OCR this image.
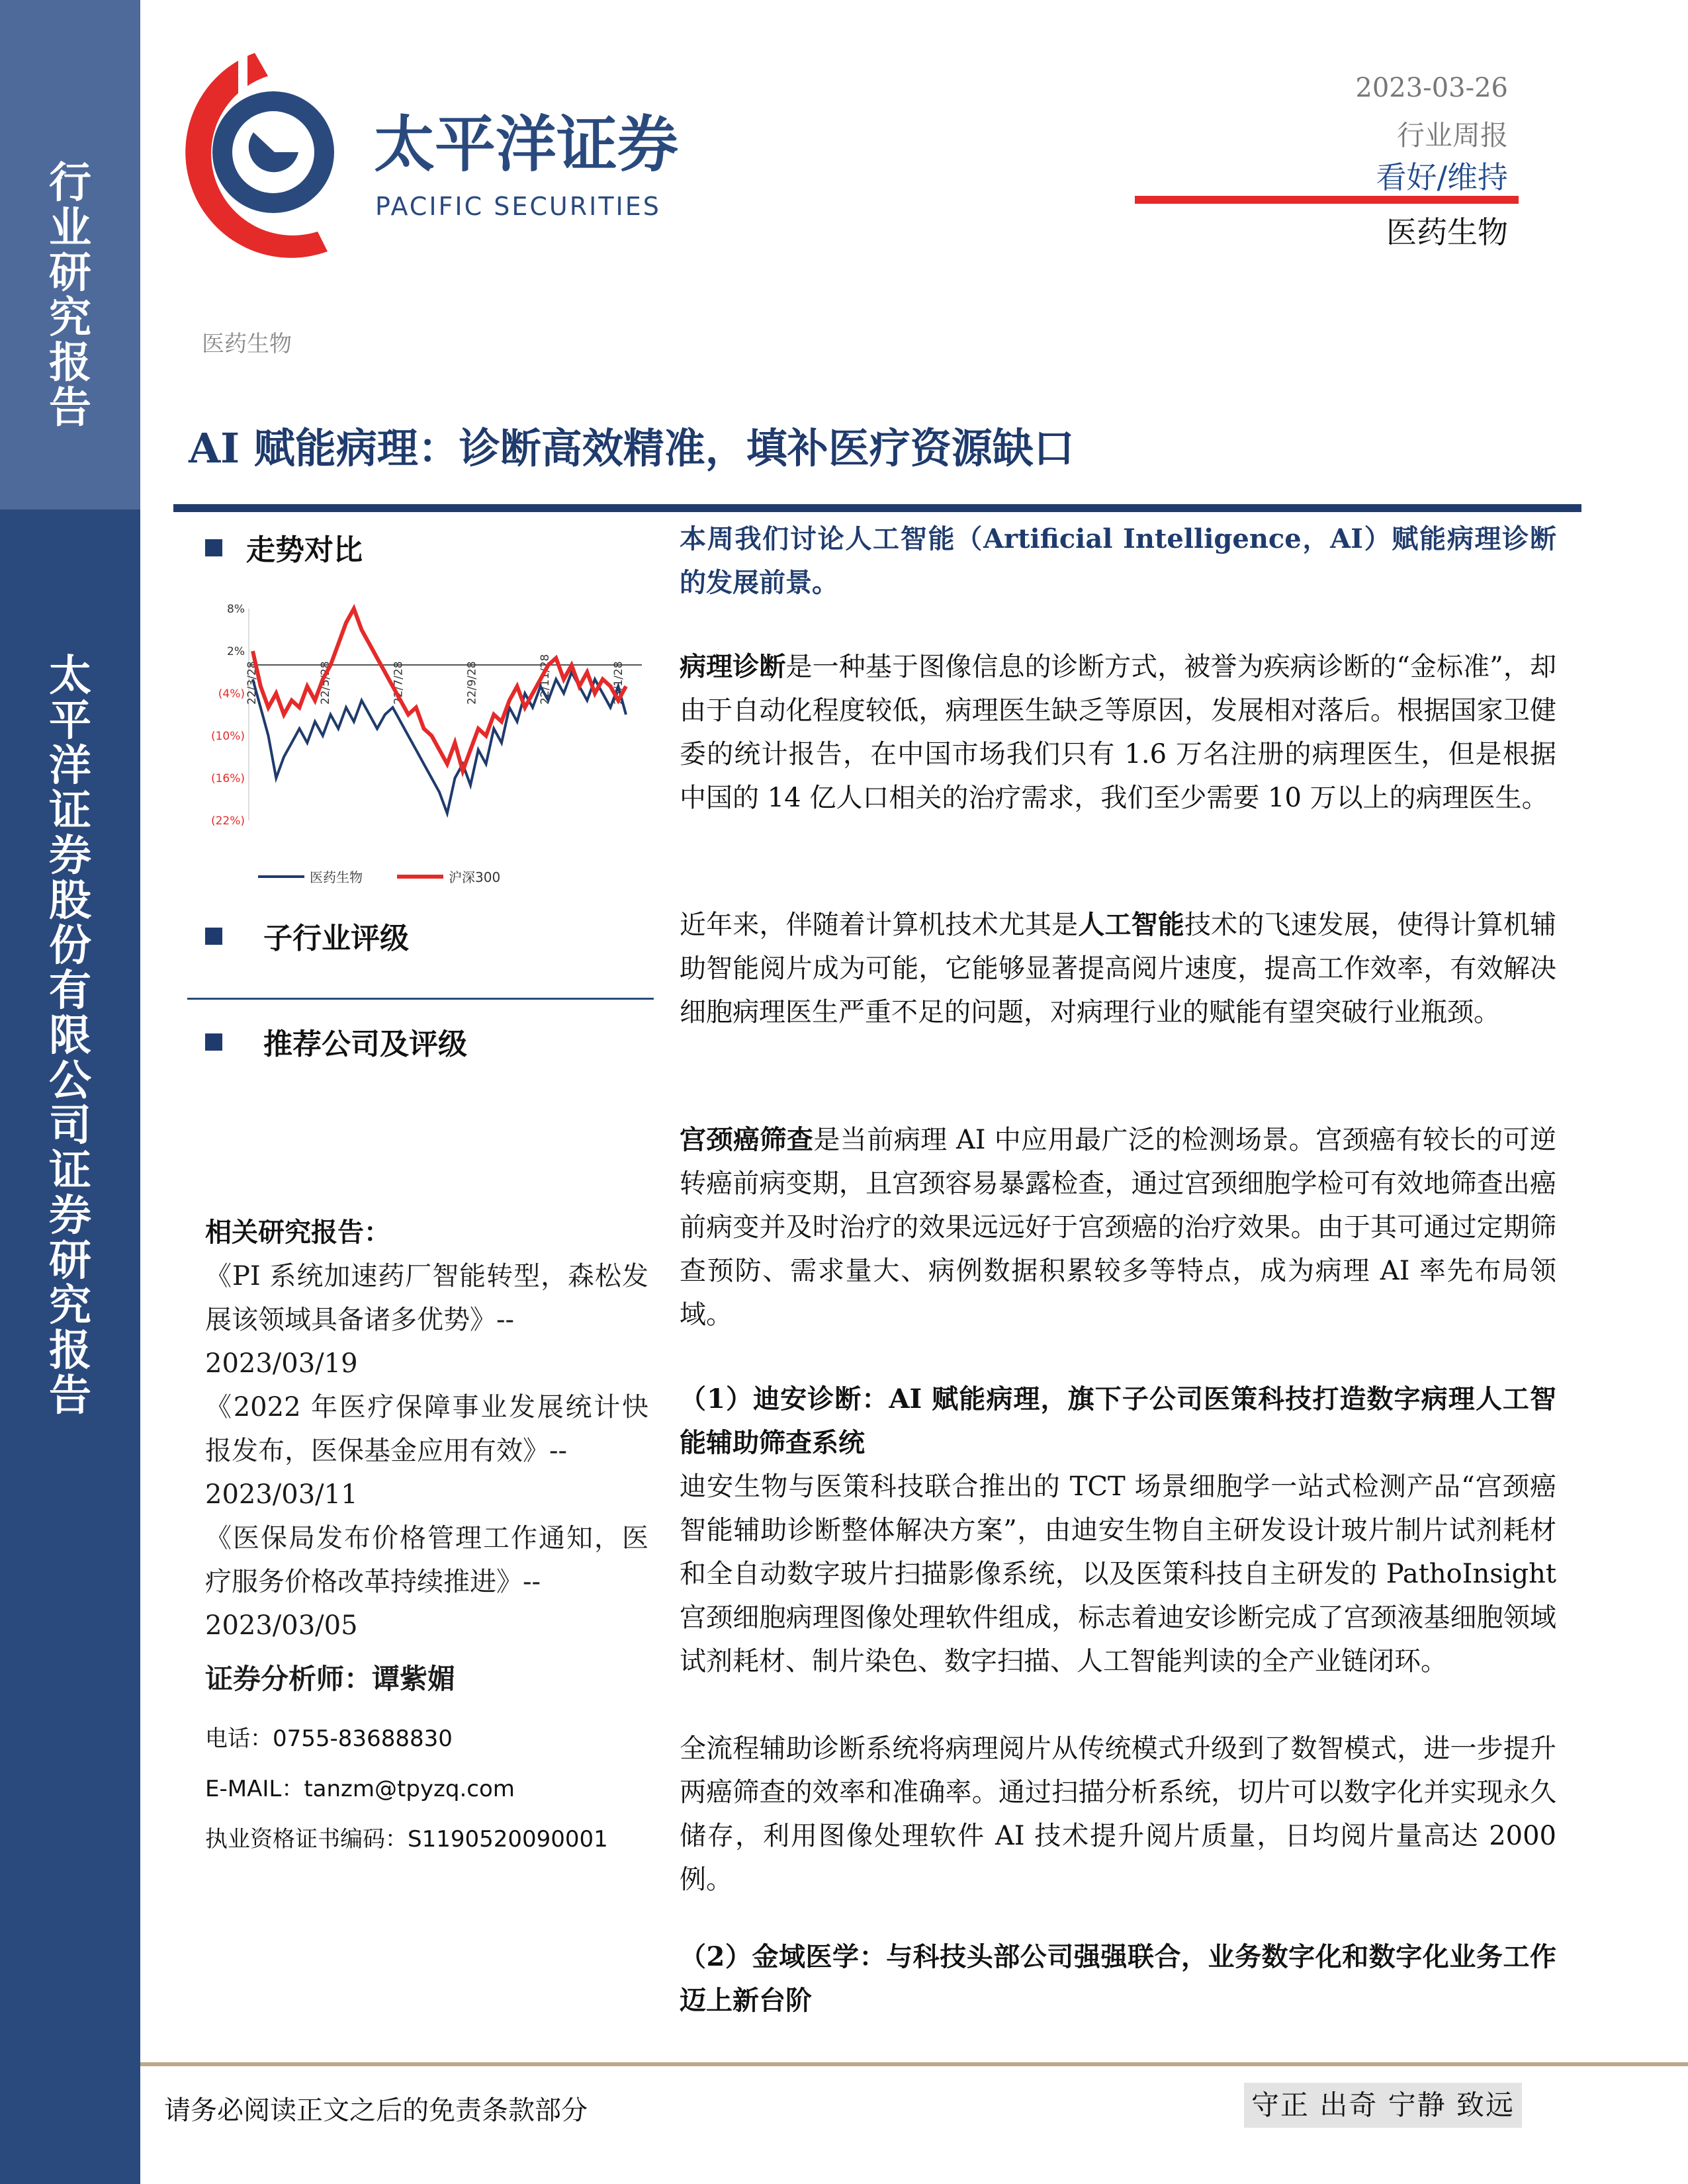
行
业
研
究
报
告
太
平
洋
证
券
股
份
有
限
公
司
证
券
研
究
报
告
太平洋证券
PACIFIC SECURITIES
2023-03-26
行业周报
看好/维持
医药生物
医药生物
AI 赋能病理：诊断高效精准，填补医疗资源缺口
走势对比
8%
2%
(4%)
(10%)
(16%)
(22%)
22/3/28	22/5/28	22/7/28	22/9/28	22/11/28	23/1/28
医药生物	沪深300
子行业评级
推荐公司及评级
相关研究报告：
《PI 系统加速药厂智能转型，森松发展该领域具备诸多优势》--
2023/03/19
《2022 年医疗保障事业发展统计快报发布，医保基金应用有效》--
2023/03/11
《医保局发布价格管理工作通知，医疗服务价格改革持续推进》--
2023/03/05
证券分析师：谭紫媚
电话：0755-83688830
E-MAIL：tanzm@tpyzq.com
执业资格证书编码：S1190520090001
本周我们讨论人工智能（Artificial Intelligence，AI）赋能病理诊断的发展前景。
病理诊断是一种基于图像信息的诊断方式，被誉为疾病诊断的“金标准”，却由于自动化程度较低，病理医生缺乏等原因，发展相对落后。根据国家卫健委的统计报告，在中国市场我们只有 1.6 万名注册的病理医生，但是根据中国的 14 亿人口相关的治疗需求，我们至少需要 10 万以上的病理医生。
近年来，伴随着计算机技术尤其是人工智能技术的飞速发展，使得计算机辅助智能阅片成为可能，它能够显著提高阅片速度，提高工作效率，有效解决细胞病理医生严重不足的问题，对病理行业的赋能有望突破行业瓶颈。
宫颈癌筛查是当前病理 AI 中应用最广泛的检测场景。宫颈癌有较长的可逆转癌前病变期，且宫颈容易暴露检查，通过宫颈细胞学检可有效地筛查出癌前病变并及时治疗的效果远远好于宫颈癌的治疗效果。由于其可通过定期筛查预防、需求量大、病例数据积累较多等特点，成为病理 AI 率先布局领域。
（1）迪安诊断：AI 赋能病理，旗下子公司医策科技打造数字病理人工智能辅助筛查系统
迪安生物与医策科技联合推出的 TCT 场景细胞学一站式检测产品“宫颈癌智能辅助诊断整体解决方案”，由迪安生物自主研发设计玻片制片试剂耗材和全自动数字玻片扫描影像系统，以及医策科技自主研发的 PathoInsight 宫颈细胞病理图像处理软件组成，标志着迪安诊断完成了宫颈液基细胞领域试剂耗材、制片染色、数字扫描、人工智能判读的全产业链闭环。
全流程辅助诊断系统将病理阅片从传统模式升级到了数智模式，进一步提升两癌筛查的效率和准确率。通过扫描分析系统，切片可以数字化并实现永久储存，利用图像处理软件 AI 技术提升阅片质量，日均阅片量高达 2000 例。
（2）金域医学：与科技头部公司强强联合，业务数字化和数字化业务工作迈上新台阶
请务必阅读正文之后的免责条款部分	守正 出奇 宁静 致远
